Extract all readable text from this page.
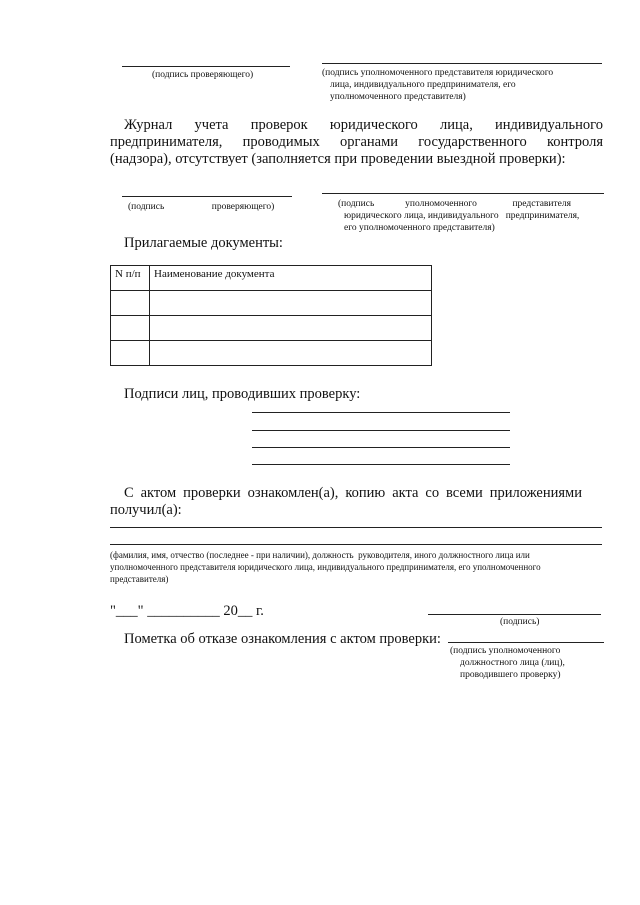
(подпись проверяющего)	(подпись уполномоченного представителя юридического
лица, индивидуального предпринимателя, его
уполномоченного представителя)
Журнал учета проверок юридического лица, индивидуального
предпринимателя, проводимых органами государственного контроля
(надзора), отсутствует (заполняется при проведении выездной проверки):
(подпись                    проверяющего)	(подпись             уполномоченного               представителя
юридического лица, индивидуального   предпринимателя,
его уполномоченного представителя)
Прилагаемые документы:
N п/п	Наименование документа

Подписи лиц, проводивших проверку:
С актом проверки ознакомлен(а), копию акта со всеми приложениями
получил(а):
(фамилия, имя, отчество (последнее - при наличии), должность  руководителя, иного должностного лица или
уполномоченного представителя юридического лица, индивидуального предпринимателя, его уполномоченного
представителя)
"___" __________ 20__ г.
(подпись)
Пометка об отказе ознакомления с актом проверки:
(подпись уполномоченного
должностного лица (лиц),
проводившего проверку)
